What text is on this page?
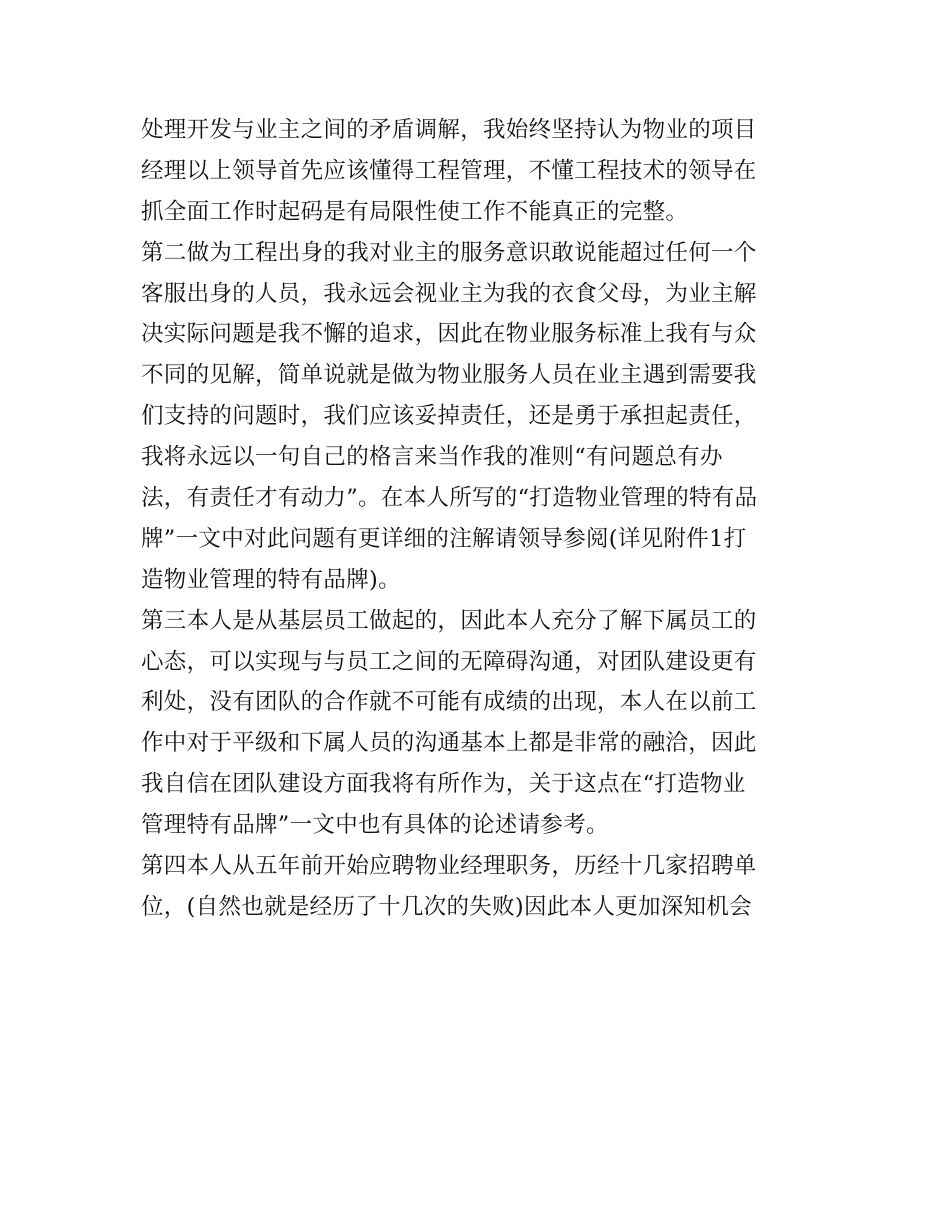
处理开发与业主之间的矛盾调解，我始终坚持认为物业的项目
经理以上领导首先应该懂得工程管理，不懂工程技术的领导在
抓全面工作时起码是有局限性使工作不能真正的完整。
第二做为工程出身的我对业主的服务意识敢说能超过任何一个
客服出身的人员，我永远会视业主为我的衣食父母，为业主解
决实际问题是我不懈的追求，因此在物业服务标准上我有与众
不同的见解，简单说就是做为物业服务人员在业主遇到需要我
们支持的问题时，我们应该妥掉责任，还是勇于承担起责任，
我将永远以一句自己的格言来当作我的准则“有问题总有办
法，有责任才有动力”。在本人所写的“打造物业管理的特有品
牌”一文中对此问题有更详细的注解请领导参阅(详见附件1打
造物业管理的特有品牌)。
第三本人是从基层员工做起的，因此本人充分了解下属员工的
心态，可以实现与与员工之间的无障碍沟通，对团队建设更有
利处，没有团队的合作就不可能有成绩的出现，本人在以前工
作中对于平级和下属人员的沟通基本上都是非常的融洽，因此
我自信在团队建设方面我将有所作为，关于这点在“打造物业
管理特有品牌”一文中也有具体的论述请参考。
第四本人从五年前开始应聘物业经理职务，历经十几家招聘单
位，(自然也就是经历了十几次的失败)因此本人更加深知机会
